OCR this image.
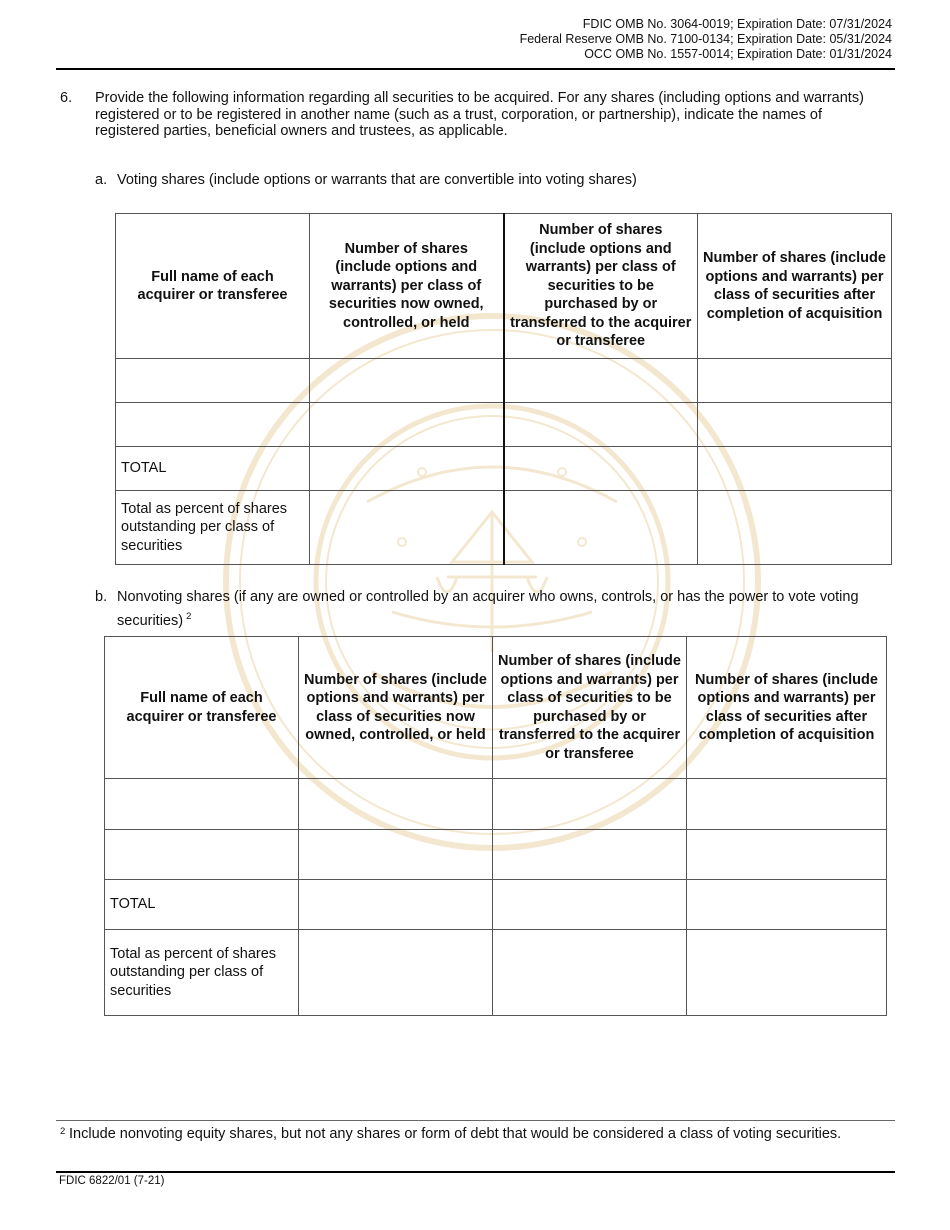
FDIC OMB No. 3064-0019; Expiration Date: 07/31/2024
Federal Reserve OMB No. 7100-0134; Expiration Date: 05/31/2024
OCC OMB No. 1557-0014; Expiration Date: 01/31/2024
6. Provide the following information regarding all securities to be acquired. For any shares (including options and warrants) registered or to be registered in another name (such as a trust, corporation, or partnership), indicate the names of registered parties, beneficial owners and trustees, as applicable.
a. Voting shares (include options or warrants that are convertible into voting shares)
Full name of each acquirer or transferee	Number of shares (include options and warrants) per class of securities now owned, controlled, or held	Number of shares (include options and warrants) per class of securities to be purchased by or transferred to the acquirer or transferee	Number of shares (include options and warrants) per class of securities after completion of acquisition

TOTAL			
Total as percent of shares outstanding per class of securities			
b. Nonvoting shares (if any are owned or controlled by an acquirer who owns, controls, or has the power to vote voting securities) $^2$
Full name of each acquirer or transferee	Number of shares (include options and warrants) per class of securities now owned, controlled, or held	Number of shares (include options and warrants) per class of securities to be purchased by or transferred to the acquirer or transferee	Number of shares (include options and warrants) per class of securities after completion of acquisition

TOTAL			
Total as percent of shares outstanding per class of securities			
2 Include nonvoting equity shares, but not any shares or form of debt that would be considered a class of voting securities.
FDIC 6822/01 (7-21)
